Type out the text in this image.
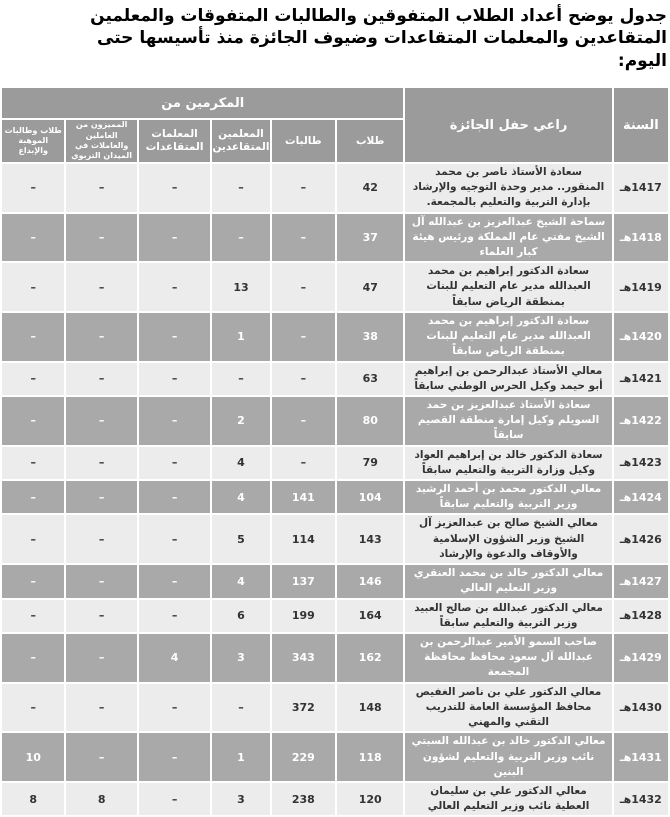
جدول يوضح أعداد الطلاب المتفوقين والطالبات المتفوقات والمعلمين المتقاعدين والمعلمات المتقاعدات وضيوف الجائزة منذ تأسيسها حتى اليوم:
السنة	راعي حفل الجائزة	المكرمين من					
		طلاب	طالبات	المعلمين المتقاعدين	المعلمات المتقاعدات	المميزون من العاملين والعاملات في الميدان التربوي	طلاب وطالبات الموهبة والإبداع
1417هـ	سعادة الأستاذ ناصر بن محمد المنقور.. مدير وحدة التوجيه والإرشاد بإدارة التربية والتعليم بالمجمعة.	42	–	–	–	–	–
1418هـ	سماحة الشيخ عبدالعزيز بن عبدالله آل الشيخ مفتي عام المملكة ورئيس هيئة كبار العلماء	37	–	–	–	–	–
1419هـ	سعادة الدكتور إبراهيم بن محمد العبدالله مدير عام التعليم للبنات بمنطقة الرياض سابقاً	47	–	13	–	–	–
1420هـ	سعادة الدكتور إبراهيم بن محمد العبدالله مدير عام التعليم للبنات بمنطقة الرياض سابقاً	38	–	1	–	–	–
1421هـ	معالي الأستاذ عبدالرحمن بن إبراهيم أبو حيمد وكيل الحرس الوطني سابقاً	63	–	–	–	–	–
1422هـ	سعادة الأستاذ عبدالعزيز بن حمد السويلم وكيل إمارة منطقة القصيم سابقاً	80	–	2	–	–	–
1423هـ	سعادة الدكتور خالد بن إبراهيم العواد وكيل وزارة التربية والتعليم سابقاً	79	–	4	–	–	–
1424هـ	معالي الدكتور محمد بن أحمد الرشيد وزير التربية والتعليم سابقاً	104	141	4	–	–	–
1426هـ	معالي الشيخ صالح بن عبدالعزيز آل الشيخ وزير الشؤون الإسلامية والأوقاف والدعوة والإرشاد	143	114	5	–	–	–
1427هـ	معالي الدكتور خالد بن محمد العنقري وزير التعليم العالي	146	137	4	–	–	–
1428هـ	معالي الدكتور عبدالله بن صالح العبيد وزير التربية والتعليم سابقاً	164	199	6	–	–	–
1429هـ	صاحب السمو الأمير عبدالرحمن بن عبدالله آل سعود محافظ محافظة المجمعة	162	343	3	4	–	–
1430هـ	معالي الدكتور علي بن ناصر الغفيص محافظ المؤسسة العامة للتدريب التقني والمهني	148	372	–	–	–	–
1431هـ	معالي الدكتور خالد بن عبدالله السبتي نائب وزير التربية والتعليم لشؤون البنين	118	229	1	–	–	10
1432هـ	معالي الدكتور علي بن سليمان العطية نائب وزير التعليم العالي	120	238	3	–	8	8
